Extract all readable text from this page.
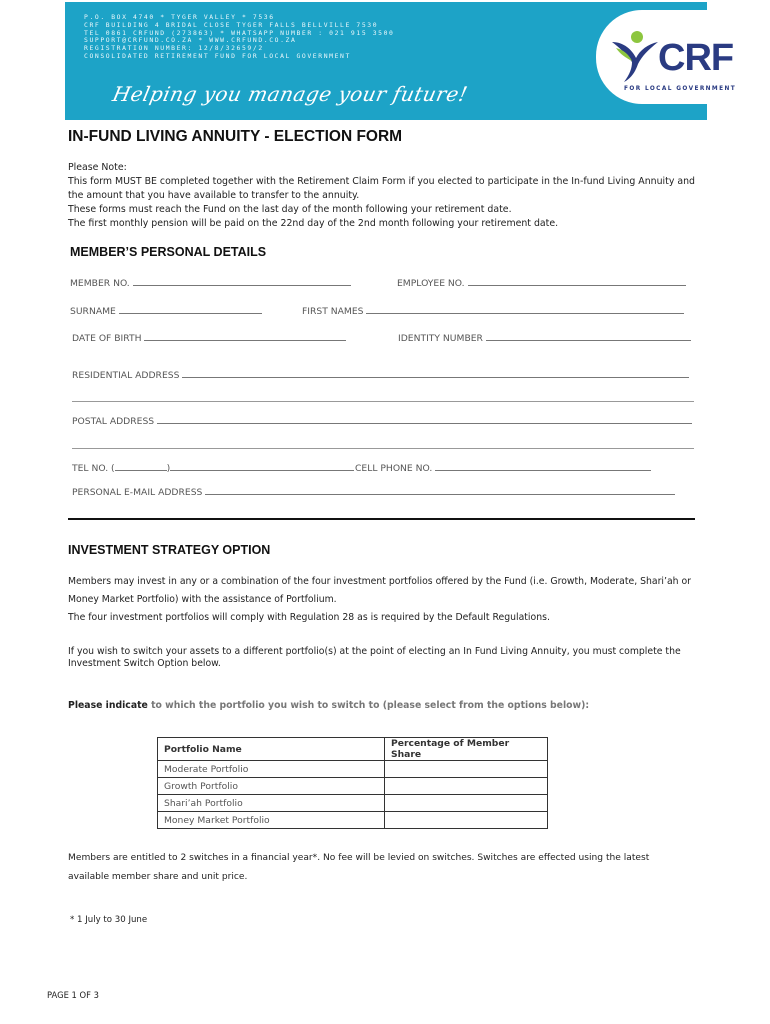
P.O. BOX 4740 * TYGER VALLEY * 7536
CRF BUILDING 4 BRIDAL CLOSE TYGER FALLS BELLVILLE 7530
TEL 0861 CRFUND (273863) * WHATSAPP NUMBER : 021 915 3500
SUPPORT@CRFUND.CO.ZA * WWW.CRFUND.CO.ZA
REGISTRATION NUMBER: 12/8/32659/2
CONSOLIDATED RETIREMENT FUND FOR LOCAL GOVERNMENT
Helping you manage your future!
CRF
FOR LOCAL GOVERNMENT
IN-FUND LIVING ANNUITY - ELECTION FORM
Please Note:
This form MUST BE completed together with the Retirement Claim Form if you elected to participate in the In-fund Living Annuity and
the amount that you have available to transfer to the annuity.
These forms must reach the Fund on the last day of the month following your retirement date.
The first monthly pension will be paid on the 22nd day of the 2nd month following your retirement date.
MEMBER’S PERSONAL DETAILS
MEMBER NO.	EMPLOYEE NO.
SURNAME	FIRST NAMES
DATE OF BIRTH	IDENTITY NUMBER
RESIDENTIAL ADDRESS
POSTAL ADDRESS
TEL NO. (	)	CELL PHONE NO.
PERSONAL E-MAIL ADDRESS
INVESTMENT STRATEGY OPTION
Members may invest in any or a combination of the four investment portfolios offered by the Fund (i.e. Growth, Moderate, Shari’ah or
Money Market Portfolio) with the assistance of Portfolium.
The four investment portfolios will comply with Regulation 28 as is required by the Default Regulations.
If you wish to switch your assets to a different portfolio(s) at the point of electing an In Fund Living Annuity, you must complete the
Investment Switch Option below.
Please indicate to which the portfolio you wish to switch to (please select from the options below):
Portfolio Name	Percentage of Member Share
Moderate Portfolio	
Growth Portfolio	
Shari’ah Portfolio	
Money Market Portfolio	
Members are entitled to 2 switches in a financial year*. No fee will be levied on switches. Switches are effected using the latest
available member share and unit price.
* 1 July to 30 June
PAGE 1 OF 3
